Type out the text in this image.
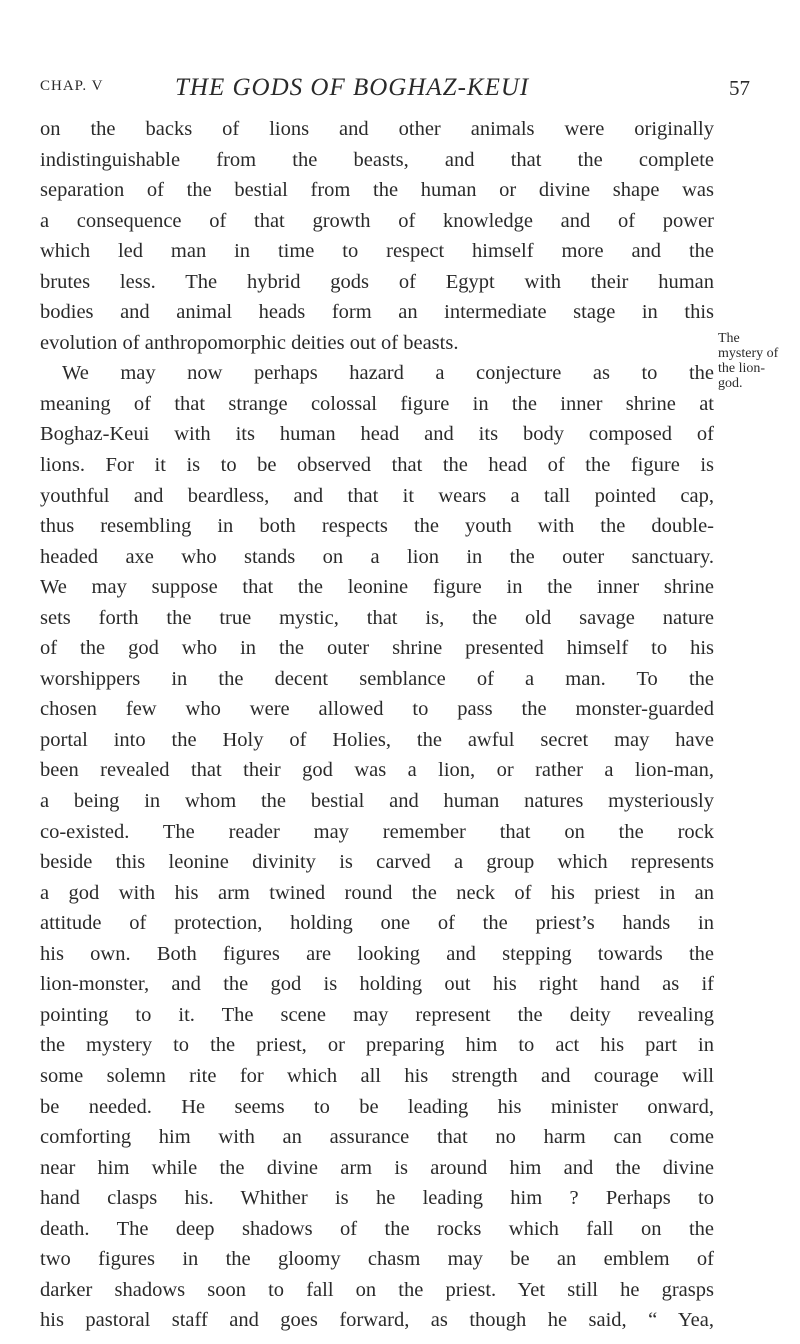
CHAP. V	THE GODS OF BOGHAZ-KEUI	57
on the backs of lions and other animals were originally
indistinguishable from the beasts, and that the complete
separation of the bestial from the human or divine shape was
a consequence of that growth of knowledge and of power
which led man in time to respect himself more and the
brutes less. The hybrid gods of Egypt with their human
bodies and animal heads form an intermediate stage in this
evolution of anthropomorphic deities out of beasts.
We may now perhaps hazard a conjecture as to the
meaning of that strange colossal figure in the inner shrine at
Boghaz-Keui with its human head and its body composed of
lions. For it is to be observed that the head of the figure is
youthful and beardless, and that it wears a tall pointed cap,
thus resembling in both respects the youth with the double-
headed axe who stands on a lion in the outer sanctuary.
We may suppose that the leonine figure in the inner shrine
sets forth the true mystic, that is, the old savage nature
of the god who in the outer shrine presented himself to his
worshippers in the decent semblance of a man. To the
chosen few who were allowed to pass the monster-guarded
portal into the Holy of Holies, the awful secret may have
been revealed that their god was a lion, or rather a lion-man,
a being in whom the bestial and human natures mysteriously
co-existed. The reader may remember that on the rock
beside this leonine divinity is carved a group which represents
a god with his arm twined round the neck of his priest in an
attitude of protection, holding one of the priest’s hands in
his own. Both figures are looking and stepping towards the
lion-monster, and the god is holding out his right hand as if
pointing to it. The scene may represent the deity revealing
the mystery to the priest, or preparing him to act his part in
some solemn rite for which all his strength and courage will
be needed. He seems to be leading his minister onward,
comforting him with an assurance that no harm can come
near him while the divine arm is around him and the divine
hand clasps his. Whither is he leading him ? Perhaps to
death. The deep shadows of the rocks which fall on the
two figures in the gloomy chasm may be an emblem of
darker shadows soon to fall on the priest. Yet still he grasps
his pastoral staff and goes forward, as though he said, “ Yea,
The
mystery of
the lion-
god.
